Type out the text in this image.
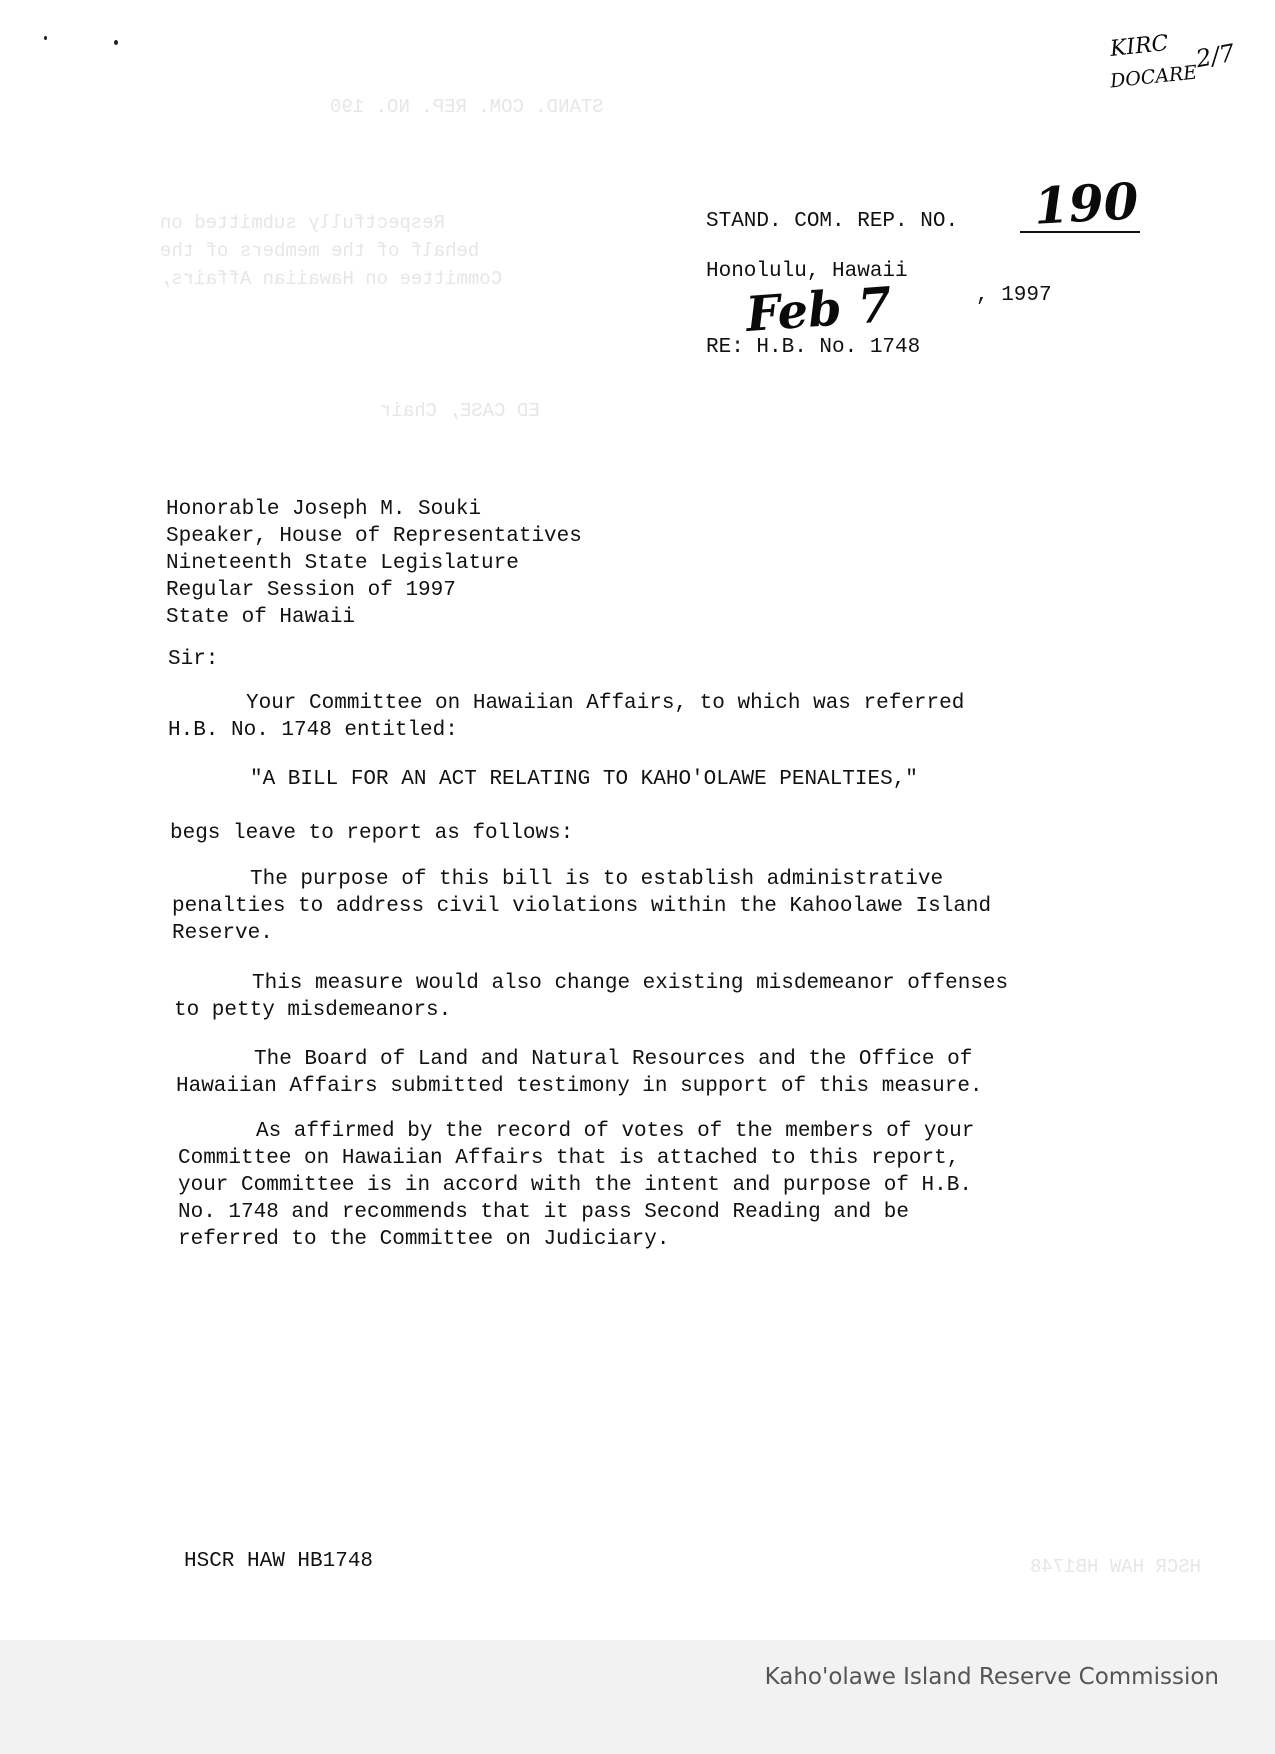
STAND. COM. REP. NO. 190
Respectfully submitted on
behalf of the members of the
Committee on Hawaiian Affairs,
ED CASE, Chair
HSCR HAW HB1748
KIRC
DOCARE
2/7
STAND. COM. REP. NO. 190
Honolulu, Hawaii
Feb 7	, 1997
RE: H.B. No. 1748
Honorable Joseph M. Souki
Speaker, House of Representatives
Nineteenth State Legislature
Regular Session of 1997
State of Hawaii
Sir:
Your Committee on Hawaiian Affairs, to which was referred
H.B. No. 1748 entitled:
"A BILL FOR AN ACT RELATING TO KAHO'OLAWE PENALTIES,"
begs leave to report as follows:
The purpose of this bill is to establish administrative
penalties to address civil violations within the Kahoolawe Island
Reserve.
This measure would also change existing misdemeanor offenses
to petty misdemeanors.
The Board of Land and Natural Resources and the Office of
Hawaiian Affairs submitted testimony in support of this measure.
As affirmed by the record of votes of the members of your
Committee on Hawaiian Affairs that is attached to this report,
your Committee is in accord with the intent and purpose of H.B.
No. 1748 and recommends that it pass Second Reading and be
referred to the Committee on Judiciary.
HSCR HAW HB1748
Kaho'olawe Island Reserve Commission
